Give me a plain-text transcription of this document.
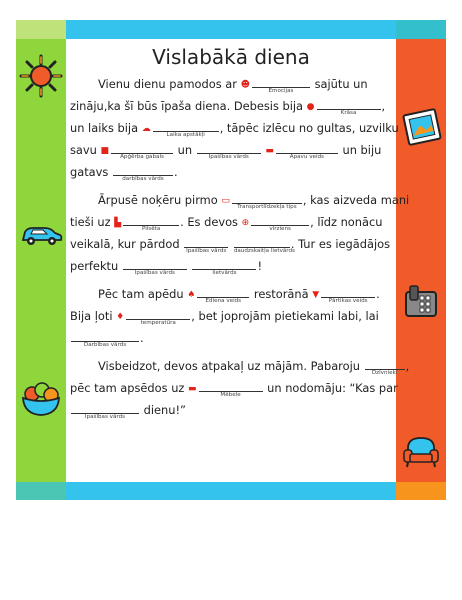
Vislabākā diena
Vienu dienu pamodos ar ☻
Emocijas	sajūtu un
zināju,ka šī būs īpaša diena. Debesis bija ●
Krāsa	,
un laiks bija ☁
Laika apstākļi	, tāpēc izlēcu no gultas, uzvilku
savu ■
Apģērba gabals	un	Īpašības vārds
▬
Apavu veids	un biju
gatavs	darbības vārds .
Ārpusē noķēru pirmo ▭
Transportlīdzekļa tips , kas aizveda mani
tieši uz ▙
Pilsēta	. Es devos ⊕
virziens	, līdz nonācu
veikalā, kur pārdod	Īpašības vārds
	daudzskaitļa lietvārds
. Tur es iegādājos
perfektu	Īpašības vārds
	lietvārds	!
Pēc tam apēdu ♠
Ēdiena veids	restorānā ▼
Pārtikas veids .
Bija ļoti ♦
temperatūra	, bet joprojām pietiekami labi, lai
Darbības vārds	.
Visbeidzot, devos atpakaļ uz mājām. Pabaroju	Dzīvnieki ,
pēc tam apsēdos uz ▬
Mēbele	un nodomāju: “Kas par
Īpašības vārds	dienu!”
